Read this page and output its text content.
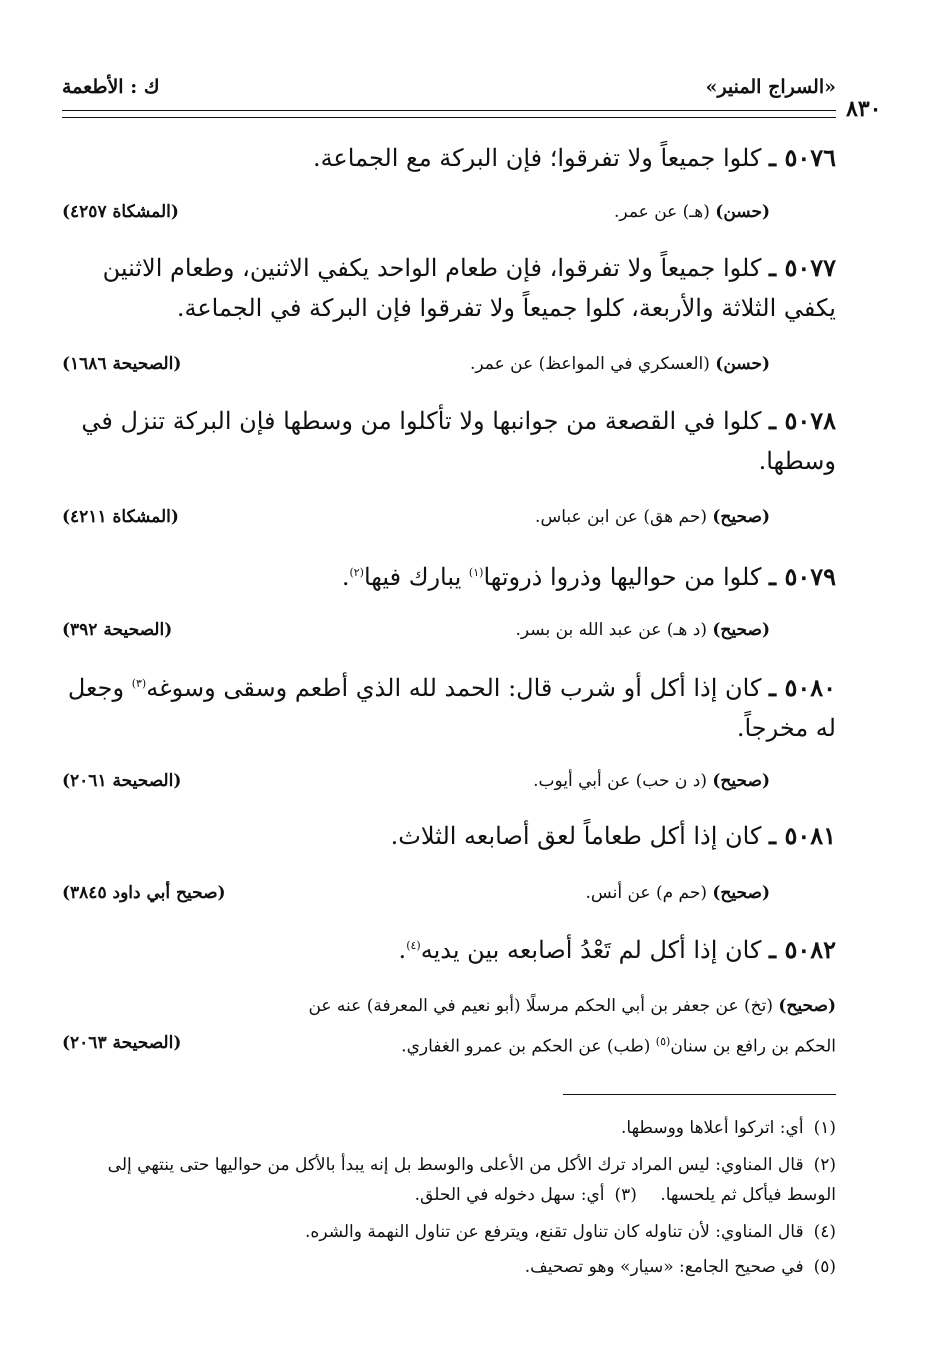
«السراج المنير»
ك : الأطعمة
٨٣٠
٥٠٧٦ ـ كلوا جميعاً ولا تفرقوا؛ فإن البركة مع الجماعة.
(حسن) (هـ) عن عمر.
(المشكاة ٤٢٥٧)
٥٠٧٧ ـ كلوا جميعاً ولا تفرقوا، فإن طعام الواحد يكفي الاثنين، وطعام الاثنين يكفي الثلاثة والأربعة، كلوا جميعاً ولا تفرقوا فإن البركة في الجماعة.
(حسن) (العسكري في المواعظ) عن عمر.
(الصحيحة ١٦٨٦)
٥٠٧٨ ـ كلوا في القصعة من جوانبها ولا تأكلوا من وسطها فإن البركة تنزل في وسطها.
(صحيح) (حم هق) عن ابن عباس.
(المشكاة ٤٢١١)
٥٠٧٩ ـ كلوا من حواليها وذروا ذروتها$^{(١)}$ يبارك فيها$^{(٢)}$.
(صحيح) (د هـ) عن عبد الله بن بسر.
(الصحيحة ٣٩٢)
٥٠٨٠ ـ كان إذا أكل أو شرب قال: الحمد لله الذي أطعم وسقى وسوغه$^{(٣)}$ وجعل له مخرجاً.
(صحيح) (د ن حب) عن أبي أيوب.
(الصحيحة ٢٠٦١)
٥٠٨١ ـ كان إذا أكل طعاماً لعق أصابعه الثلاث.
(صحيح) (حم م) عن أنس.
(صحيح أبي داود ٣٨٤٥)
٥٠٨٢ ـ كان إذا أكل لم تَعْدُ أصابعه بين يديه$^{(٤)}$.
(صحيح) (تخ) عن جعفر بن أبي الحكم مرسلًا (أبو نعيم في المعرفة) عنه عن الحكم بن رافع بن سنان$^{(٥)}$ (طب) عن الحكم بن عمرو الغفاري.
(الصحيحة ٢٠٦٣)
(١)أي: اتركوا أعلاها ووسطها.
(٢)قال المناوي: ليس المراد ترك الأكل من الأعلى والوسط بل إنه يبدأ بالأكل من حواليها حتى ينتهي إلى الوسط فيأكل ثم يلحسها. (٣)أي: سهل دخوله في الحلق.
(٤)قال المناوي: لأن تناوله كان تناول تقنع، ويترفع عن تناول النهمة والشره.
(٥)في صحيح الجامع: «سيار» وهو تصحيف.
